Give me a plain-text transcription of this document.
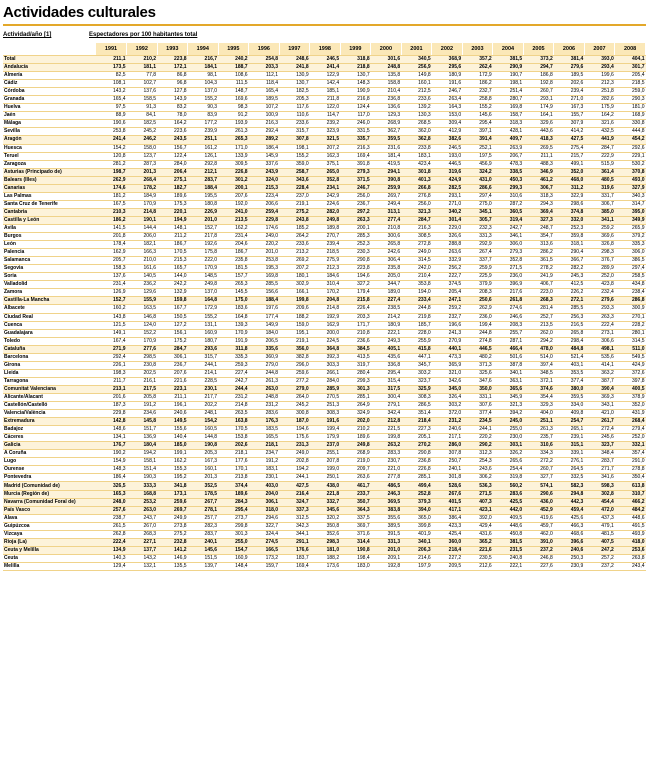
Actividades culturales
Actividad/año [1]	Espectadores por 100 habitantes total
	1991	1992	1993	1994	1995	1996	1997	1998	1999	2000	2001	2002	2003	2004	2005	2006	2007	2008
Total	211,1	210,2	223,8	216,7	240,2	254,8	248,6	246,5	318,8	301,6	340,5	368,9	357,2	381,5	373,2	381,4	393,0	404,1
Andalucía	173,5	181,1	172,1	184,1	188,7	203,3	241,8	241,4	218,8	248,8	256,9	295,6	262,4	290,9	294,7	279,6	293,4	301,7
Almería	82,5	77,8	86,8	98,1	108,6	112,1	130,9	122,9	130,7	135,8	149,8	180,9	172,9	190,7	186,8	189,5	199,6	205,4
Cádiz	108,1	102,7	96,8	104,3	111,5	118,4	130,7	142,4	148,3	158,8	160,1	191,6	186,2	198,1	192,8	202,6	212,3	218,5
Córdoba	143,2	137,6	127,8	137,0	148,7	165,4	182,5	185,1	190,9	210,4	212,5	246,7	232,7	251,4	260,7	239,4	251,8	259,0
Granada	165,4	158,5	143,9	155,2	169,6	189,5	205,3	211,8	216,8	236,8	233,6	263,4	258,8	280,7	293,1	271,0	282,6	290,3
Huelva	97,5	91,3	83,2	90,3	98,3	107,2	117,6	122,0	124,4	136,6	139,2	164,3	155,2	169,8	174,9	167,3	175,9	181,0
Jaén	88,9	84,1	78,0	83,9	91,2	100,9	110,6	114,7	117,0	129,3	130,3	153,0	145,6	158,7	164,1	155,7	164,2	168,9
Málaga	190,6	182,5	164,2	177,2	193,9	216,3	233,6	239,2	246,0	268,9	268,5	309,4	295,4	318,3	329,6	307,9	321,6	330,8
Sevilla	253,8	245,2	223,6	239,9	261,3	292,4	315,7	323,9	331,5	362,7	362,0	412,9	397,1	428,1	443,6	414,2	432,5	444,8
Aragón	241,4	246,2	243,5	251,1	265,3	289,2	307,8	321,5	335,7	359,5	362,8	382,6	391,4	409,7	418,3	427,5	441,9	454,2
Huesca	154,2	158,0	156,7	161,2	171,0	186,4	198,1	207,2	216,3	231,6	233,8	246,5	252,1	263,9	269,5	275,4	284,7	292,6
Teruel	120,8	123,7	122,4	126,1	133,9	145,9	155,2	162,3	169,4	181,4	183,1	193,0	197,5	206,7	211,1	215,7	222,9	229,1
Zaragoza	281,2	287,3	284,0	292,8	309,5	337,6	359,0	375,1	391,8	419,5	423,4	446,5	456,9	478,3	488,3	499,1	515,9	530,2
Asturias (Principado de)	198,7	201,3	206,4	212,1	226,8	243,9	258,7	265,0	279,3	294,1	301,8	319,6	324,2	338,5	346,9	352,0	361,4	370,8
Balears (Illes)	262,9	268,4	275,1	283,7	301,2	324,0	343,6	352,8	371,5	390,8	401,3	424,9	431,0	450,3	461,2	468,0	480,5	493,0
Canarias	174,6	178,2	182,7	188,4	200,1	215,3	228,4	234,1	246,7	259,9	266,8	282,5	286,6	299,3	306,7	311,2	319,6	327,9
Las Palmas	181,2	184,9	189,6	195,5	207,6	223,4	237,0	242,9	256,0	269,7	276,8	293,1	297,4	310,6	318,3	322,9	331,7	340,3
Santa Cruz de Tenerife	167,5	170,9	175,3	180,8	192,0	206,6	219,1	224,6	236,7	249,4	256,0	271,0	275,0	287,2	294,3	298,6	306,7	314,7
Cantabria	210,3	214,8	220,1	226,9	241,0	259,4	275,2	282,0	297,2	313,1	321,3	340,2	345,1	360,5	369,4	374,8	385,0	395,0
Castilla y León	186,2	190,1	194,9	201,0	213,5	229,8	243,8	249,8	263,3	277,4	284,7	301,4	305,7	319,4	327,3	332,0	341,1	349,9
Ávila	141,5	144,4	148,1	152,7	162,2	174,6	185,2	189,8	200,1	210,8	216,3	229,0	232,3	242,7	248,7	252,3	259,2	265,9
Burgos	201,8	206,0	211,2	217,8	231,4	249,0	264,2	270,7	285,3	300,6	308,5	326,6	331,3	346,1	354,7	359,8	369,6	379,2
León	178,4	182,1	186,7	192,6	204,6	220,2	233,6	239,4	252,3	265,8	272,8	288,8	292,9	306,0	313,6	318,1	326,8	335,3
Palencia	162,9	166,3	170,5	175,8	186,7	201,0	213,2	218,5	230,3	242,6	249,0	263,6	267,4	279,3	286,2	290,4	298,3	306,0
Salamanca	205,7	210,0	215,3	222,0	235,8	253,8	269,2	275,9	290,8	306,4	314,5	332,9	337,7	352,8	361,5	366,7	376,7	386,5
Segovia	158,3	161,6	165,7	170,9	181,5	195,3	207,2	212,3	223,8	235,8	242,0	256,2	259,9	271,5	278,2	282,2	289,9	297,4
Soria	137,6	140,5	144,0	148,5	157,7	169,8	180,1	184,6	194,6	205,0	210,4	222,7	225,9	236,0	241,9	245,3	252,0	258,5
Valladolid	231,4	236,2	242,2	249,8	265,3	285,5	302,9	310,4	327,2	344,7	353,8	374,5	379,9	396,9	406,7	412,5	423,8	434,8
Zamora	126,9	129,6	132,9	137,0	145,5	156,6	166,1	170,2	179,4	189,0	194,0	205,4	208,3	217,6	223,0	226,2	232,4	238,4
Castilla-La Mancha	152,7	155,9	159,8	164,8	175,0	188,4	199,8	204,8	215,8	227,4	233,4	247,1	250,6	261,8	268,3	272,1	279,6	286,8
Albacete	160,2	163,5	167,7	172,9	183,6	197,6	209,6	214,8	226,4	238,5	244,8	259,2	262,9	274,6	281,4	285,5	293,3	300,9
Ciudad Real	143,8	146,8	150,5	155,2	164,8	177,4	188,2	192,9	203,3	214,2	219,8	232,7	236,0	246,6	252,7	256,3	263,3	270,1
Cuenca	121,5	124,0	127,2	131,1	139,3	149,9	159,0	162,9	171,7	180,9	185,7	196,6	199,4	208,3	213,5	216,5	222,4	228,2
Guadalajara	149,1	152,2	156,1	160,9	170,9	184,0	195,1	200,0	210,8	222,1	228,0	241,3	244,8	255,7	262,0	265,8	273,1	280,1
Toledo	167,4	170,9	175,2	180,7	191,9	206,5	219,1	224,5	236,6	249,3	255,9	270,9	274,8	287,1	294,2	298,4	306,6	314,5
Cataluña	271,9	277,6	284,7	293,6	311,8	335,6	356,0	364,8	384,5	405,1	415,8	440,1	446,5	466,4	478,0	484,8	498,1	511,0
Barcelona	292,4	298,5	306,1	315,7	335,3	360,9	382,8	392,3	413,5	435,6	447,1	473,3	480,2	501,6	514,0	521,4	535,6	549,5
Girona	226,1	230,8	236,7	244,1	259,3	279,0	296,0	303,3	319,7	336,8	345,7	365,9	371,3	387,8	397,4	403,1	414,1	424,9
Lleida	198,3	202,5	207,6	214,1	227,4	244,8	259,6	266,1	280,4	295,4	303,2	321,0	325,6	340,1	348,5	353,5	363,2	372,6
Tarragona	211,7	216,1	221,6	228,5	242,7	261,3	277,2	284,0	299,3	315,4	323,7	342,6	347,6	363,1	372,1	377,4	387,7	397,8
Comunitat Valenciana	213,1	217,5	223,1	230,1	244,4	263,0	279,0	285,9	301,3	317,5	325,9	345,0	350,0	365,6	374,6	380,0	390,4	400,5
Alicante/Alacant	201,6	205,8	211,1	217,7	231,2	248,8	264,0	270,5	285,1	300,4	308,3	326,4	331,1	345,9	354,4	359,5	369,3	378,9
Castellón/Castelló	187,3	191,2	196,1	202,2	214,8	231,2	245,2	251,3	264,9	279,1	286,5	303,2	307,6	321,3	329,3	334,0	343,1	352,0
Valencia/València	229,8	234,6	240,6	248,1	263,5	283,6	300,8	308,3	324,9	342,4	351,4	372,0	377,4	394,2	404,0	409,8	421,0	431,9
Extremadura	142,8	145,8	149,5	154,2	163,8	176,3	187,0	191,6	202,0	212,8	218,4	231,2	234,5	245,0	251,1	254,7	261,7	268,4
Badajoz	148,6	151,7	155,6	160,5	170,5	183,5	194,6	199,4	210,2	221,5	227,3	240,6	244,1	255,0	261,3	265,1	272,4	279,4
Cáceres	134,1	136,9	140,4	144,8	153,8	165,5	175,6	179,9	189,6	199,8	205,1	217,1	220,2	230,0	235,7	239,1	245,6	252,0
Galicia	176,7	180,4	185,0	190,8	202,6	218,1	231,3	237,0	249,8	263,2	270,2	286,0	290,2	303,1	310,6	315,1	323,7	332,1
A Coruña	190,2	194,2	199,1	205,3	218,1	234,7	249,0	255,1	268,9	283,3	290,8	307,8	312,3	326,2	334,3	339,1	348,4	357,4
Lugo	154,9	158,1	162,2	167,3	177,6	191,2	202,8	207,8	219,0	230,7	236,8	250,7	254,3	265,6	272,2	276,1	283,7	291,0
Ourense	148,3	151,4	155,3	160,1	170,1	183,1	194,2	199,0	209,7	221,0	226,8	240,1	243,6	254,4	260,7	264,5	271,7	278,8
Pontevedra	186,4	190,3	195,2	201,3	213,8	230,1	244,1	250,1	263,6	277,8	285,1	301,8	306,2	319,8	327,7	332,5	341,6	350,4
Madrid (Comunidad de)	326,5	333,3	341,8	352,5	374,4	403,0	427,5	438,0	461,7	486,5	499,4	528,6	536,3	560,2	574,1	582,3	598,3	613,8
Murcia (Región de)	165,3	168,8	173,1	178,5	189,6	204,0	216,4	221,8	233,7	246,3	252,8	267,6	271,5	283,6	290,6	294,8	302,8	310,7
Navarra (Comunidad Foral de)	248,0	253,2	259,6	267,7	284,3	306,1	324,7	332,7	350,7	369,5	379,3	401,5	407,3	425,5	436,0	442,3	454,4	466,2
País Vasco	257,6	263,0	269,7	278,1	295,4	318,0	337,3	345,6	364,3	383,8	394,0	417,1	423,1	442,0	452,9	459,4	472,0	484,2
Álava	238,7	243,7	249,9	257,7	273,7	294,6	312,5	320,2	337,5	355,6	365,0	386,4	392,0	409,5	419,6	425,6	437,3	448,6
Guipúzcoa	261,5	267,0	273,8	282,3	299,8	322,7	342,3	350,8	369,7	389,5	399,8	423,3	429,4	448,6	459,7	466,3	479,1	491,5
Vizcaya	262,8	268,3	275,2	283,7	301,3	324,4	344,1	352,6	371,6	391,5	401,9	425,4	431,6	450,8	462,0	468,6	481,5	493,9
Rioja (La)	222,4	227,1	232,8	240,1	255,0	274,5	291,1	298,3	314,4	331,3	340,1	360,0	365,2	381,5	391,0	396,6	407,5	418,0
Ceuta y Melilla	134,9	137,7	141,2	145,6	154,7	166,5	176,6	181,0	190,8	201,0	206,3	218,4	221,6	231,5	237,2	240,6	247,2	253,6
Ceuta	140,3	143,2	146,9	151,5	160,9	173,2	183,7	188,2	198,4	209,1	214,6	227,2	230,5	240,8	246,8	250,3	257,2	263,8
Melilla	129,4	132,1	135,5	139,7	148,4	159,7	169,4	173,6	183,0	192,8	197,9	209,5	212,6	222,1	227,6	230,9	237,2	243,4
